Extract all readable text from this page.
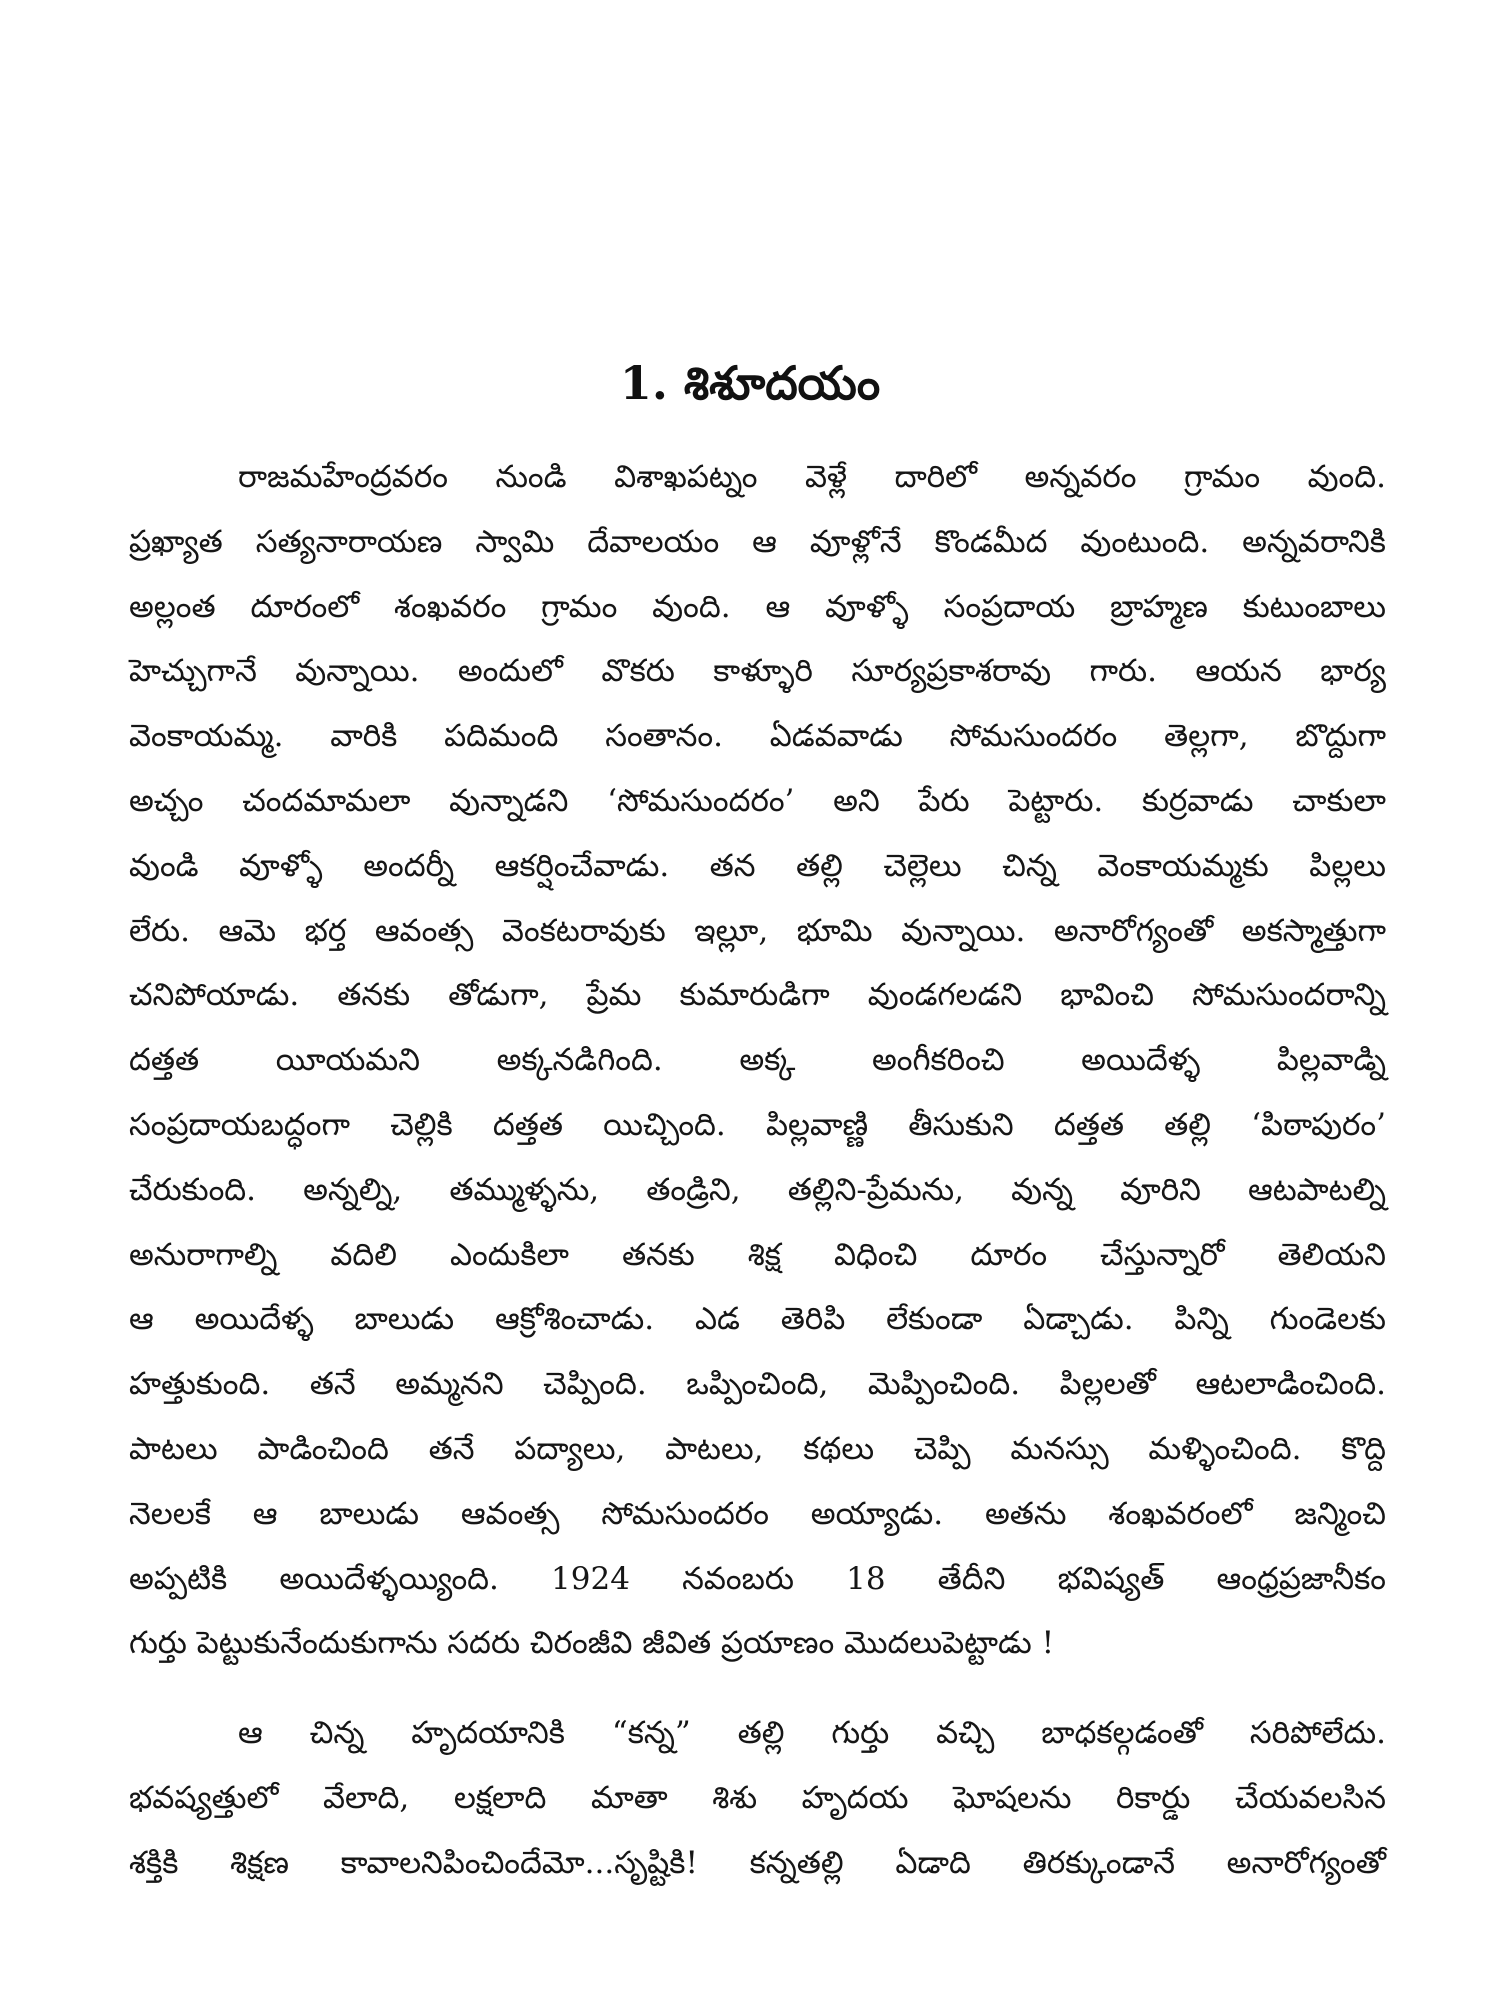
1. శిశూదయం
రాజమహేంద్రవరం నుండి విశాఖపట్నం వెళ్లే దారిలో అన్నవరం గ్రామం వుంది.
ప్రఖ్యాత సత్యనారాయణ స్వామి దేవాలయం ఆ వూళ్లోనే కొండమీద వుంటుంది. అన్నవరానికి
అల్లంత దూరంలో శంఖవరం గ్రామం వుంది. ఆ వూళ్ళో సంప్రదాయ బ్రాహ్మణ కుటుంబాలు
హెచ్చుగానే వున్నాయి. అందులో వొకరు కాళ్ళూరి సూర్యప్రకాశరావు గారు. ఆయన భార్య
వెంకాయమ్మ. వారికి పదిమంది సంతానం. ఏడవవాడు సోమసుందరం తెల్లగా, బొద్దుగా
అచ్చం చందమామలా వున్నాడని ‘సోమసుందరం’ అని పేరు పెట్టారు. కుర్రవాడు చాకులా
వుండి వూళ్ళో అందర్నీ ఆకర్షించేవాడు. తన తల్లి చెల్లెలు చిన్న వెంకాయమ్మకు పిల్లలు
లేరు. ఆమె భర్త ఆవంత్స వెంకటరావుకు ఇల్లూ, భూమి వున్నాయి. అనారోగ్యంతో అకస్మాత్తుగా
చనిపోయాడు. తనకు తోడుగా, ప్రేమ కుమారుడిగా వుండగలడని భావించి సోమసుందరాన్ని
దత్తత యీయమని అక్కనడిగింది. అక్క అంగీకరించి అయిదేళ్ళ పిల్లవాడ్ని
సంప్రదాయబద్ధంగా చెల్లికి దత్తత యిచ్చింది. పిల్లవాణ్ణి తీసుకుని దత్తత తల్లి ‘పిఠాపురం’
చేరుకుంది. అన్నల్ని, తమ్ముళ్ళను, తండ్రిని, తల్లిని-ప్రేమను, వున్న వూరిని ఆటపాటల్ని
అనురాగాల్ని వదిలి ఎందుకిలా తనకు శిక్ష విధించి దూరం చేస్తున్నారో తెలియని
ఆ అయిదేళ్ళ బాలుడు ఆక్రోశించాడు. ఎడ తెరిపి లేకుండా ఏడ్చాడు. పిన్ని గుండెలకు
హత్తుకుంది. తనే అమ్మనని చెప్పింది. ఒప్పించింది, మెప్పించింది. పిల్లలతో ఆటలాడించింది.
పాటలు పాడించింది తనే పద్యాలు, పాటలు, కథలు చెప్పి మనస్సు మళ్ళించింది. కొద్ది
నెలలకే ఆ బాలుడు ఆవంత్స సోమసుందరం అయ్యాడు. అతను శంఖవరంలో జన్మించి
అప్పటికి అయిదేళ్ళయ్యింది. 1924 నవంబరు 18 తేదీని భవిష్యత్ ఆంధ్రప్రజానీకం
గుర్తు పెట్టుకునేందుకుగాను సదరు చిరంజీవి జీవిత ప్రయాణం మొదలుపెట్టాడు !
ఆ చిన్న హృదయానికి “కన్న” తల్లి గుర్తు వచ్చి బాధకల్గడంతో సరిపోలేదు.
భవష్యత్తులో వేలాది, లక్షలాది మాతా శిశు హృదయ ఘోషలను రికార్డు చేయవలసిన
శక్తికి శిక్షణ కావాలనిపించిందేమో...సృష్టికి! కన్నతల్లి ఏడాది తిరక్కుండానే అనారోగ్యంతో
